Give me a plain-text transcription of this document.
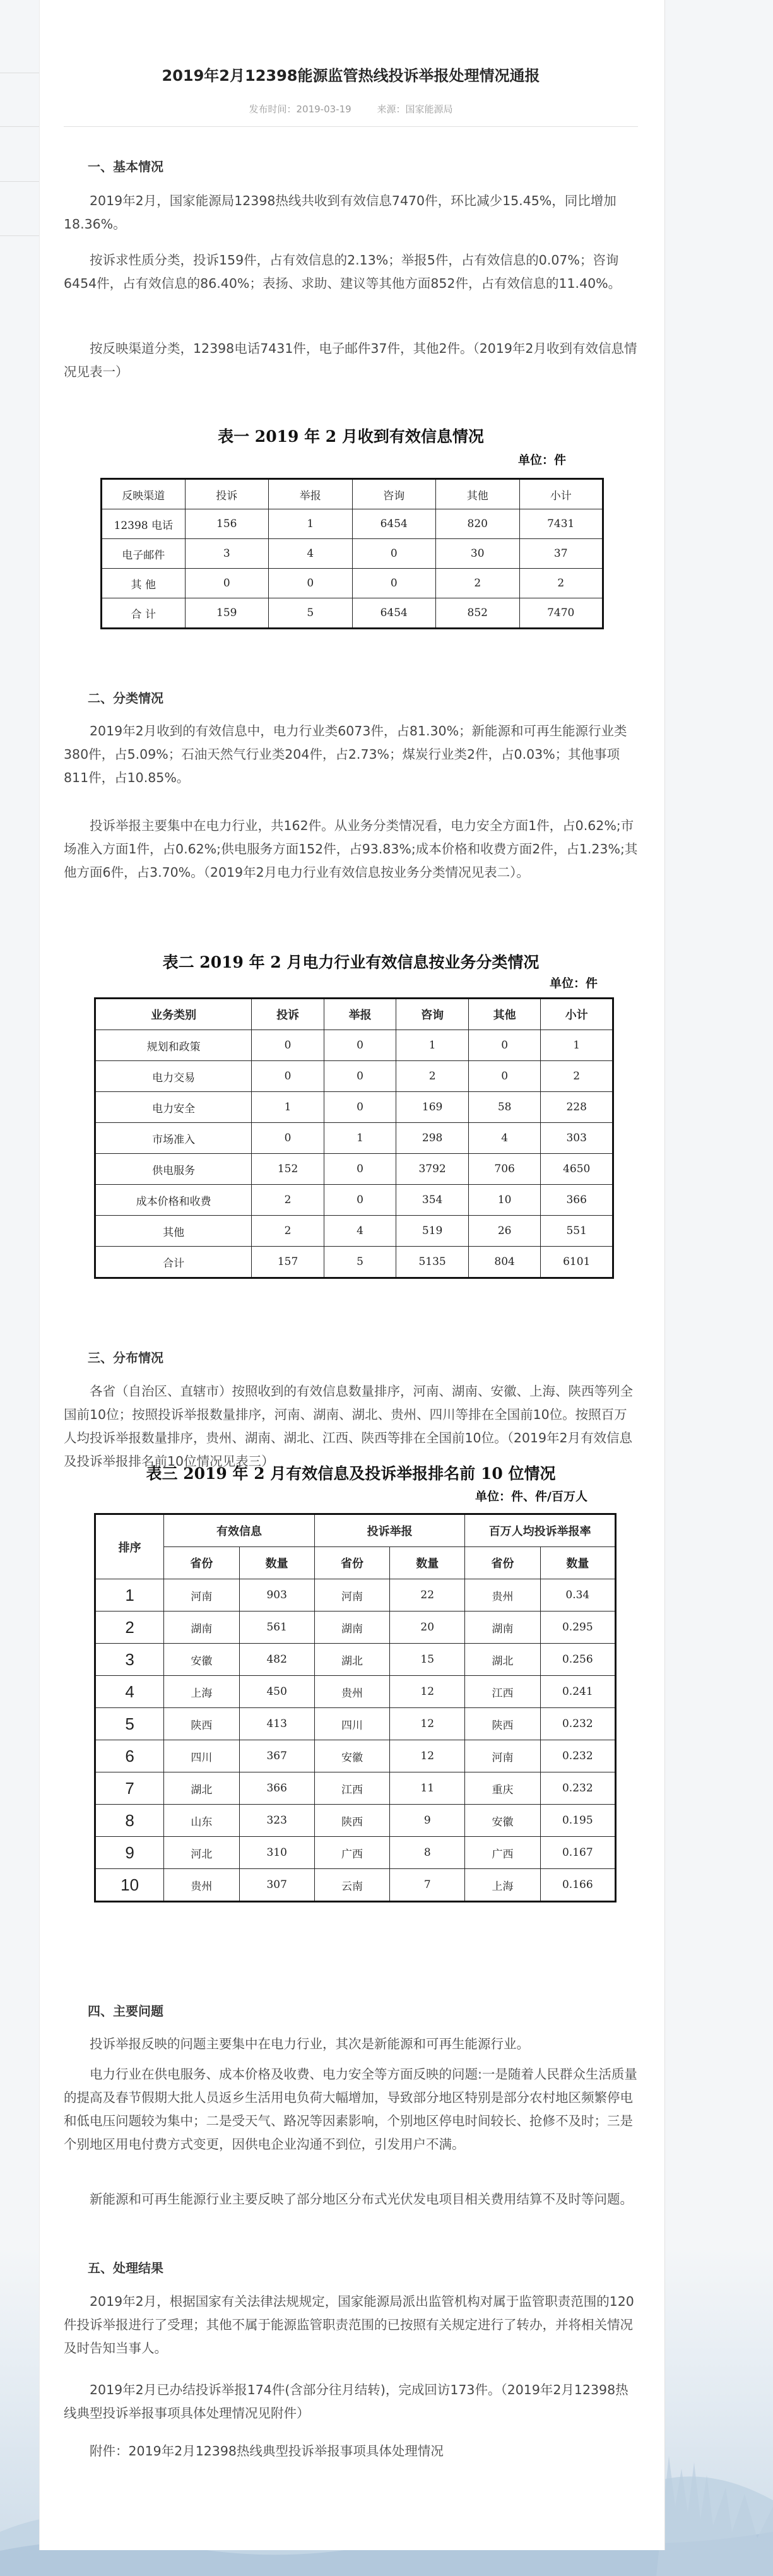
2019年2月12398能源监管热线投诉举报处理情况通报
发布时间：2019-03-19	来源：国家能源局
一、基本情况

2019年2月，国家能源局12398热线共收到有效信息7470件，环比减少15.45%，同比增加18.36%。

按诉求性质分类，投诉159件，占有效信息的2.13%；举报5件，占有效信息的0.07%；咨询6454件，占有效信息的86.40%；表扬、求助、建议等其他方面852件，占有效信息的11.40%。

按反映渠道分类，12398电话7431件，电子邮件37件，其他2件。（2019年2月收到有效信息情况见表一）

表一 2019 年 2 月收到有效信息情况
单位：件
反映渠道	投诉	举报	咨询	其他	小计
12398 电话	156	1	6454	820	7431
电子邮件	3	4	0	30	37
其 他	0	0	0	2	2
合 计	159	5	6454	852	7470
二、分类情况

2019年2月收到的有效信息中，电力行业类6073件，占81.30%；新能源和可再生能源行业类380件，占5.09%；石油天然气行业类204件，占2.73%；煤炭行业类2件，占0.03%；其他事项811件，占10.85%。

投诉举报主要集中在电力行业，共162件。从业务分类情况看，电力安全方面1件，占0.62%;市场准入方面1件，占0.62%;供电服务方面152件，占93.83%;成本价格和收费方面2件，占1.23%;其他方面6件，占3.70%。（2019年2月电力行业有效信息按业务分类情况见表二）。

表二 2019 年 2 月电力行业有效信息按业务分类情况
单位：件
业务类别	投诉	举报	咨询	其他	小计
规划和政策	0	0	1	0	1
电力交易	0	0	2	0	2
电力安全	1	0	169	58	228
市场准入	0	1	298	4	303
供电服务	152	0	3792	706	4650
成本价格和收费	2	0	354	10	366
其他	2	4	519	26	551
合计	157	5	5135	804	6101
三、分布情况

各省（自治区、直辖市）按照收到的有效信息数量排序，河南、湖南、安徽、上海、陕西等列全国前10位；按照投诉举报数量排序，河南、湖南、湖北、贵州、四川等排在全国前10位。按照百万人均投诉举报数量排序，贵州、湖南、湖北、江西、陕西等排在全国前10位。（2019年2月有效信息及投诉举报排名前10位情况见表三）

表三 2019 年 2 月有效信息及投诉举报排名前 10 位情况
单位：件、件/百万人
排序	有效信息		投诉举报		百万人均投诉举报率	
	省份	数量	省份	数量	省份	数量
1	河南	903	河南	22	贵州	0.34
2	湖南	561	湖南	20	湖南	0.295
3	安徽	482	湖北	15	湖北	0.256
4	上海	450	贵州	12	江西	0.241
5	陕西	413	四川	12	陕西	0.232
6	四川	367	安徽	12	河南	0.232
7	湖北	366	江西	11	重庆	0.232
8	山东	323	陕西	9	安徽	0.195
9	河北	310	广西	8	广西	0.167
10	贵州	307	云南	7	上海	0.166
四、主要问题

投诉举报反映的问题主要集中在电力行业，其次是新能源和可再生能源行业。

电力行业在供电服务、成本价格及收费、电力安全等方面反映的问题:一是随着人民群众生活质量的提高及春节假期大批人员返乡生活用电负荷大幅增加，导致部分地区特别是部分农村地区频繁停电和低电压问题较为集中；二是受天气、路况等因素影响，个别地区停电时间较长、抢修不及时；三是个别地区用电付费方式变更，因供电企业沟通不到位，引发用户不满。

新能源和可再生能源行业主要反映了部分地区分布式光伏发电项目相关费用结算不及时等问题。

五、处理结果

2019年2月，根据国家有关法律法规规定，国家能源局派出监管机构对属于监管职责范围的120件投诉举报进行了受理；其他不属于能源监管职责范围的已按照有关规定进行了转办，并将相关情况及时告知当事人。

2019年2月已办结投诉举报174件(含部分往月结转)，完成回访173件。（2019年2月12398热线典型投诉举报事项具体处理情况见附件）

附件：2019年2月12398热线典型投诉举报事项具体处理情况
